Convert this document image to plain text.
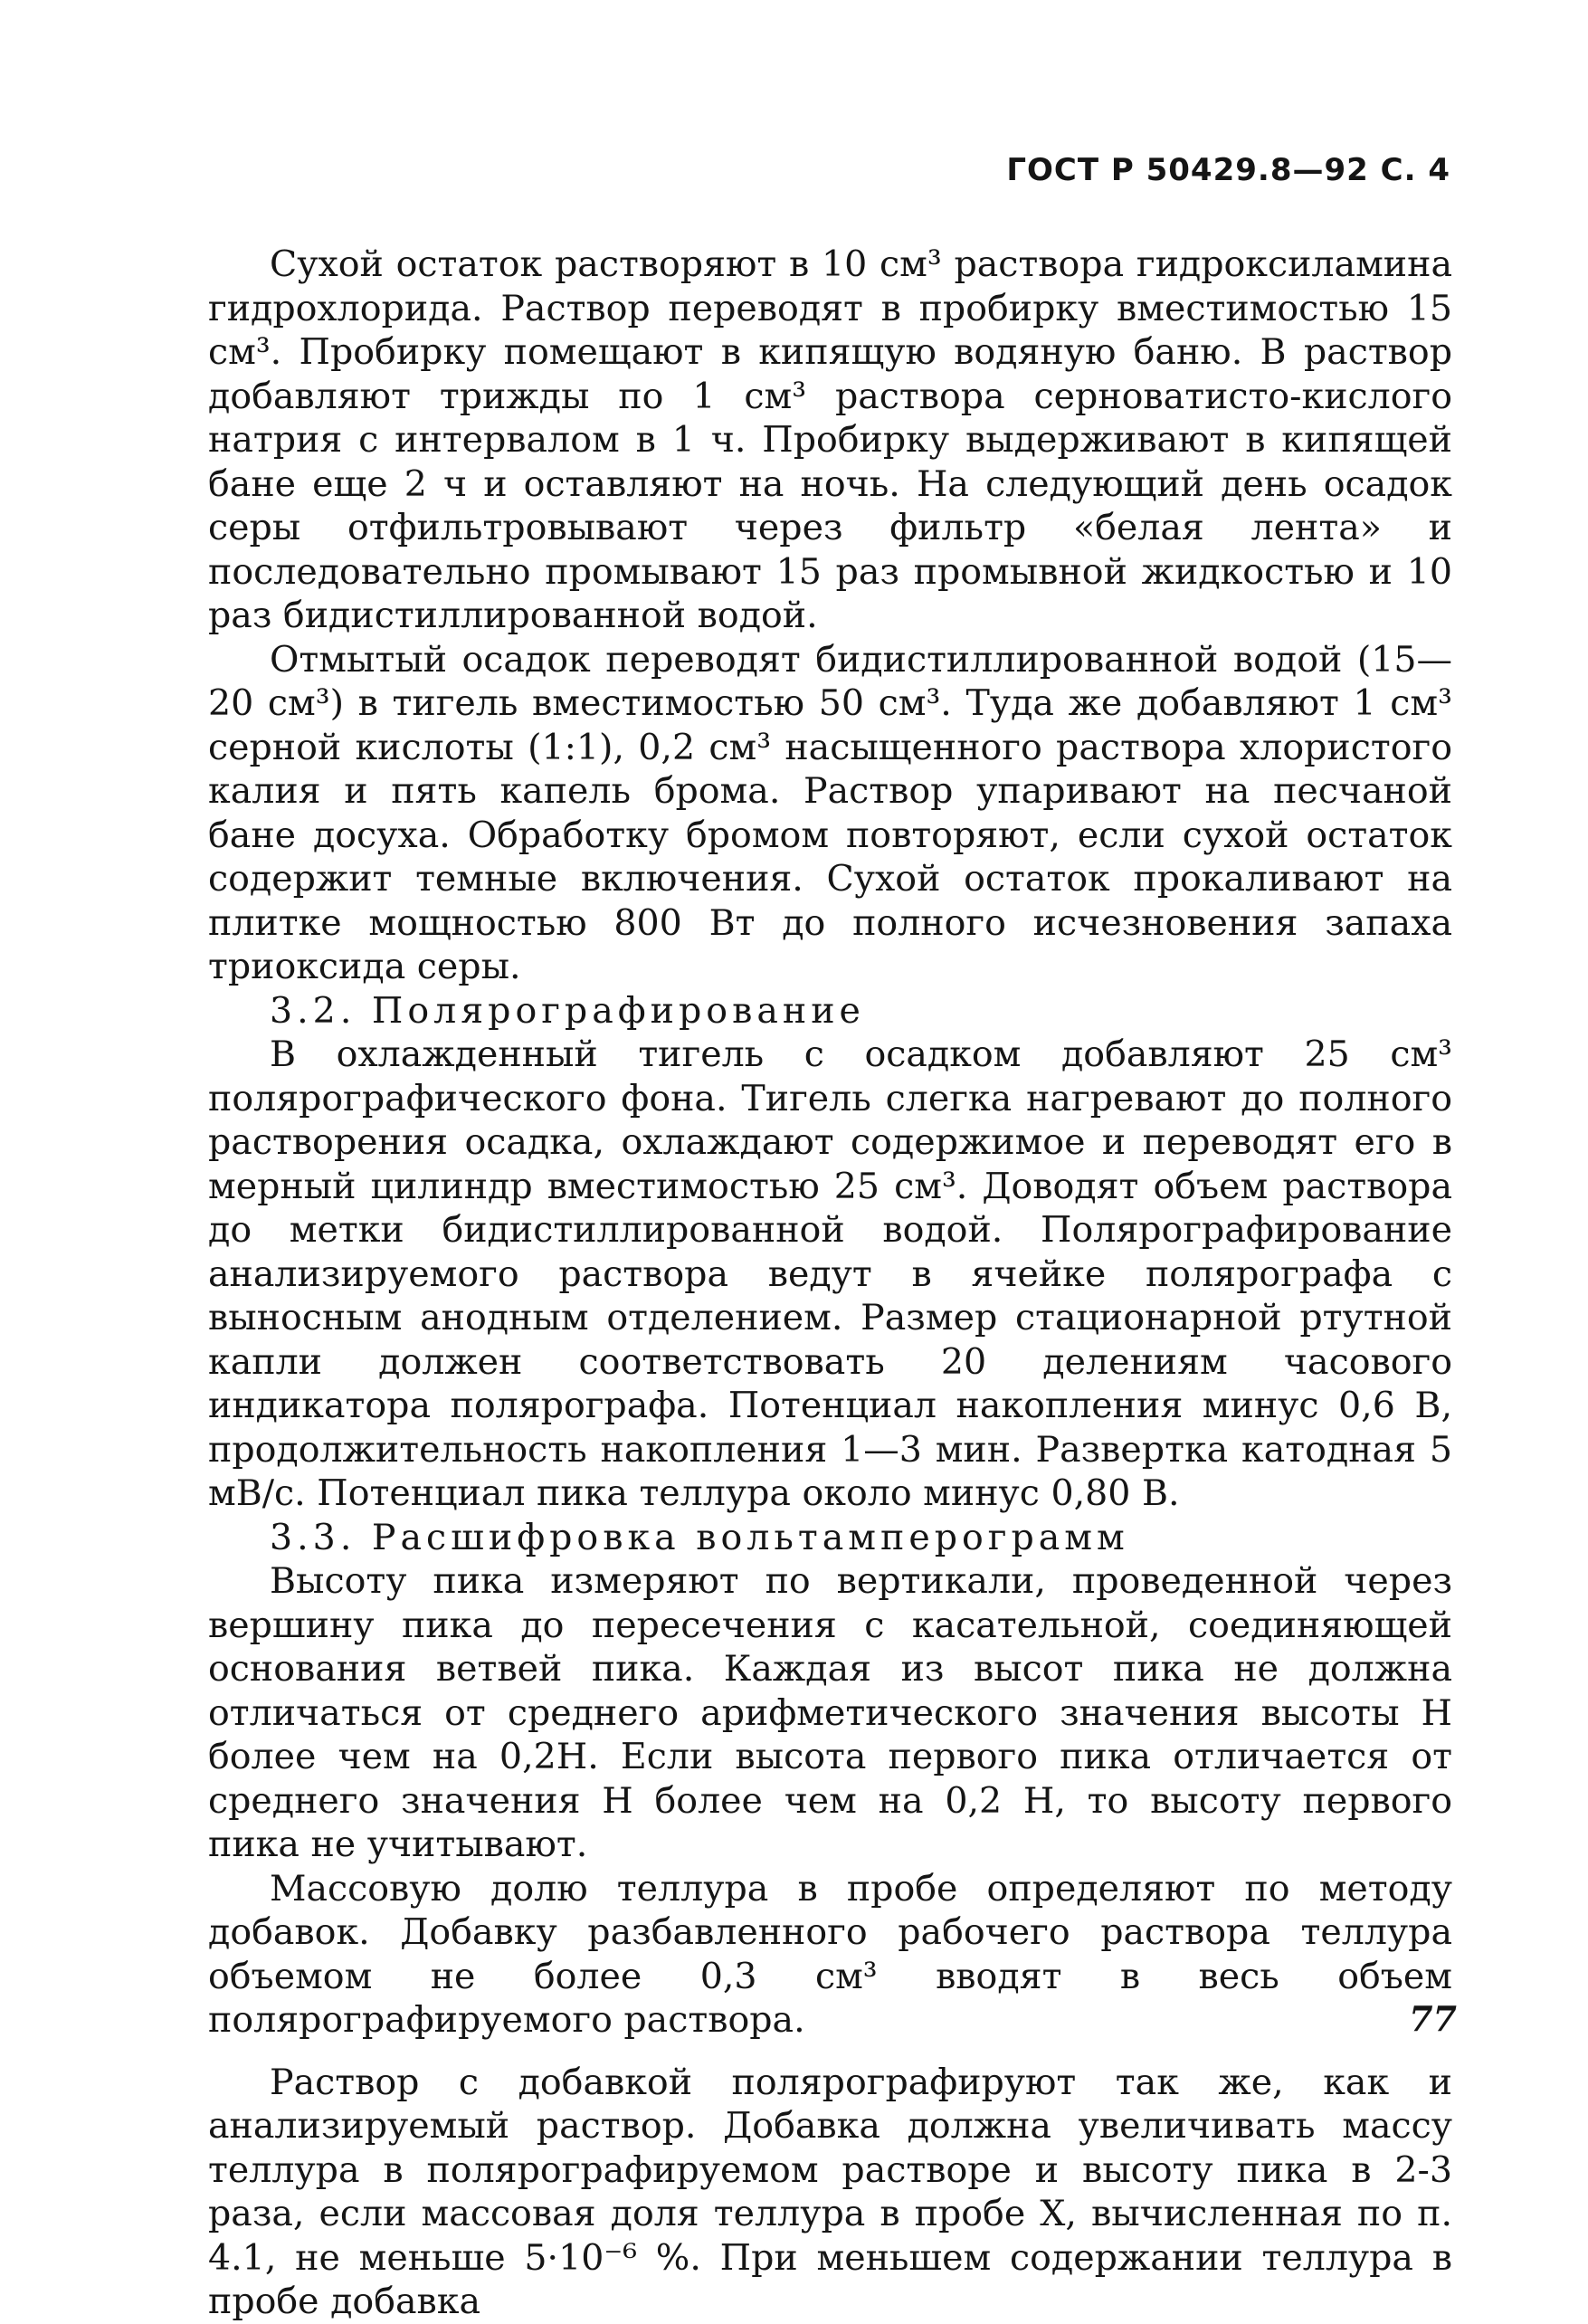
ГОСТ Р 50429.8—92 С. 4

Сухой остаток растворяют в 10 см³ раствора гидроксиламина гидрохлорида. Раствор переводят в пробирку вместимостью 15 см³. Пробирку помещают в кипящую водяную баню. В раствор добавляют трижды по 1 см³ раствора серноватисто-кислого натрия с интервалом в 1 ч. Пробирку выдерживают в кипящей бане еще 2 ч и оставляют на ночь. На следующий день осадок серы отфильтровывают через фильтр «белая лента» и последовательно промывают 15 раз промывной жидкостью и 10 раз бидистиллированной водой.

Отмытый осадок переводят бидистиллированной водой (15—20 см³) в тигель вместимостью 50 см³. Туда же добавляют 1 см³ серной кислоты (1:1), 0,2 см³ насыщенного раствора хлористого калия и пять капель брома. Раствор упаривают на песчаной бане досуха. Обработку бромом повторяют, если сухой остаток содержит темные включения. Сухой остаток прокаливают на плитке мощностью 800 Вт до полного исчезновения запаха триоксида серы.

3.2. Полярографирование

В охлажденный тигель с осадком добавляют 25 см³ полярографического фона. Тигель слегка нагревают до полного растворения осадка, охлаждают содержимое и переводят его в мерный цилиндр вместимостью 25 см³. Доводят объем раствора до метки бидистиллированной водой. Полярографирование анализируемого раствора ведут в ячейке полярографа с выносным анодным отделением. Размер стационарной ртутной капли должен соответствовать 20 делениям часового индикатора полярографа. Потенциал накопления минус 0,6 В, продолжительность накопления 1—3 мин. Развертка катодная 5 мВ/с. Потенциал пика теллура около минус 0,80 В.

3.3. Расшифровка вольтамперограмм

Высоту пика измеряют по вертикали, проведенной через вершину пика до пересечения с касательной, соединяющей основания ветвей пика. Каждая из высот пика не должна отличаться от среднего арифметического значения высоты H более чем на 0,2H. Если высота первого пика отличается от среднего значения H более чем на 0,2 H, то высоту первого пика не учитывают.

Массовую долю теллура в пробе определяют по методу добавок. Добавку разбавленного рабочего раствора теллура объемом не более 0,3 см³ вводят в весь объем полярографируемого раствора.

Раствор с добавкой полярографируют так же, как и анализируемый раствор. Добавка должна увеличивать массу теллура в полярографируемом растворе и высоту пика в 2-3 раза, если массовая доля теллура в пробе X, вычисленная по п. 4.1, не меньше 5·10⁻⁶ %. При меньшем содержании теллура в пробе добавка

77
